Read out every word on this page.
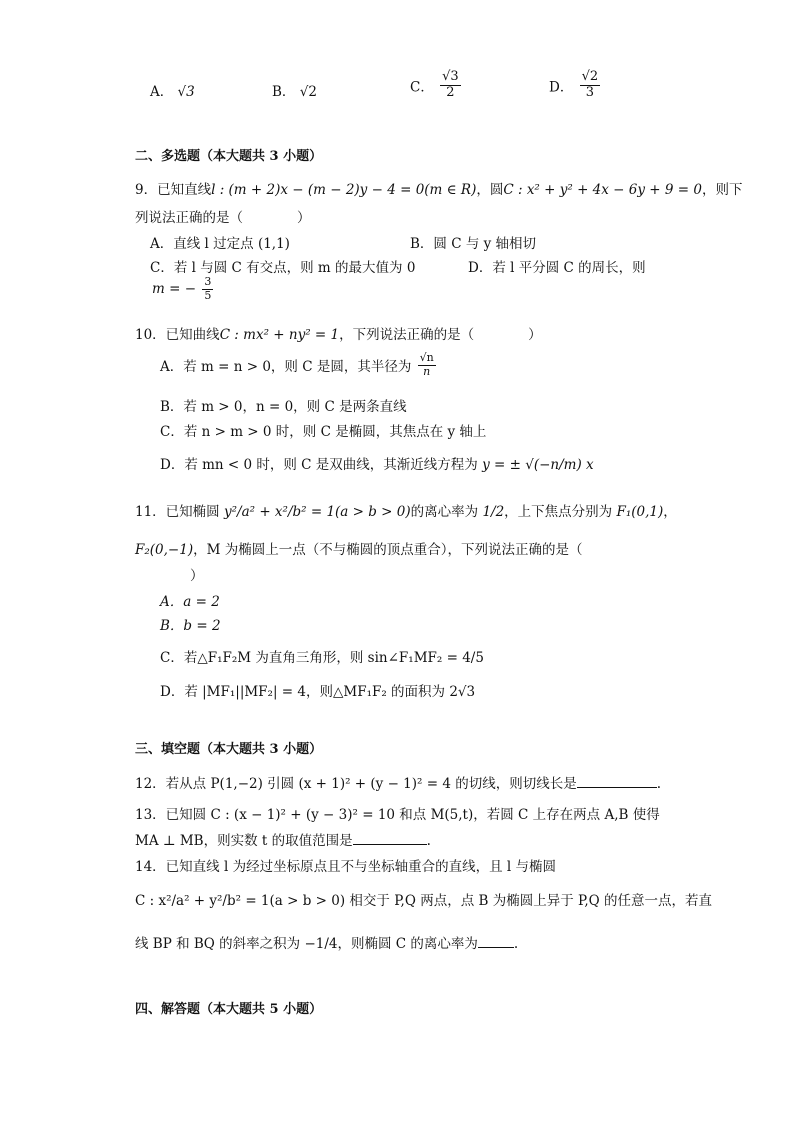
A． √3	B． √2	C． $\frac{√3}{2}$	D． $\frac{√2}{3}$
二、多选题（本大题共 3 小题）
9．已知直线l : (m + 2)x − (m − 2)y − 4 = 0(m ∈ R)，圆C : x² + y² + 4x − 6y + 9 = 0，则下
列说法正确的是（　　　　）
A．直线 l 过定点 (1,1)	B．圆 C 与 y 轴相切
C．若 l 与圆 C 有交点，则 m 的最大值为 0	D．若 l 平分圆 C 的周长，则
m = − $\frac{3}{5}$
10．已知曲线C : mx² + ny² = 1，下列说法正确的是（　　　　）
A．若 m = n > 0，则 C 是圆，其半径为 $\frac{√n}{n}$
B．若 m > 0，n = 0，则 C 是两条直线
C．若 n > m > 0 时，则 C 是椭圆，其焦点在 y 轴上
D．若 mn < 0 时，则 C 是双曲线，其渐近线方程为 y = ± √(−n/m) x
11．已知椭圆 y²/a² + x²/b² = 1(a > b > 0)的离心率为 1/2，上下焦点分别为 F₁(0,1)，
F₂(0,−1)，M 为椭圆上一点（不与椭圆的顶点重合），下列说法正确的是（
）
A．a = 2
B．b = 2
C．若△F₁F₂M 为直角三角形，则 sin∠F₁MF₂ = 4/5
D．若 |MF₁||MF₂| = 4，则△MF₁F₂ 的面积为 2√3
三、填空题（本大题共 3 小题）
12．若从点 P(1,−2) 引圆 (x + 1)² + (y − 1)² = 4 的切线，则切线长是	.
13．已知圆 C : (x − 1)² + (y − 3)² = 10 和点 M(5,t)，若圆 C 上存在两点 A,B 使得
MA ⊥ MB，则实数 t 的取值范围是	.
14．已知直线 l 为经过坐标原点且不与坐标轴重合的直线，且 l 与椭圆
C : x²/a² + y²/b² = 1(a > b > 0) 相交于 P,Q 两点，点 B 为椭圆上异于 P,Q 的任意一点，若直
线 BP 和 BQ 的斜率之积为 −1/4，则椭圆 C 的离心率为	.
四、解答题（本大题共 5 小题）
